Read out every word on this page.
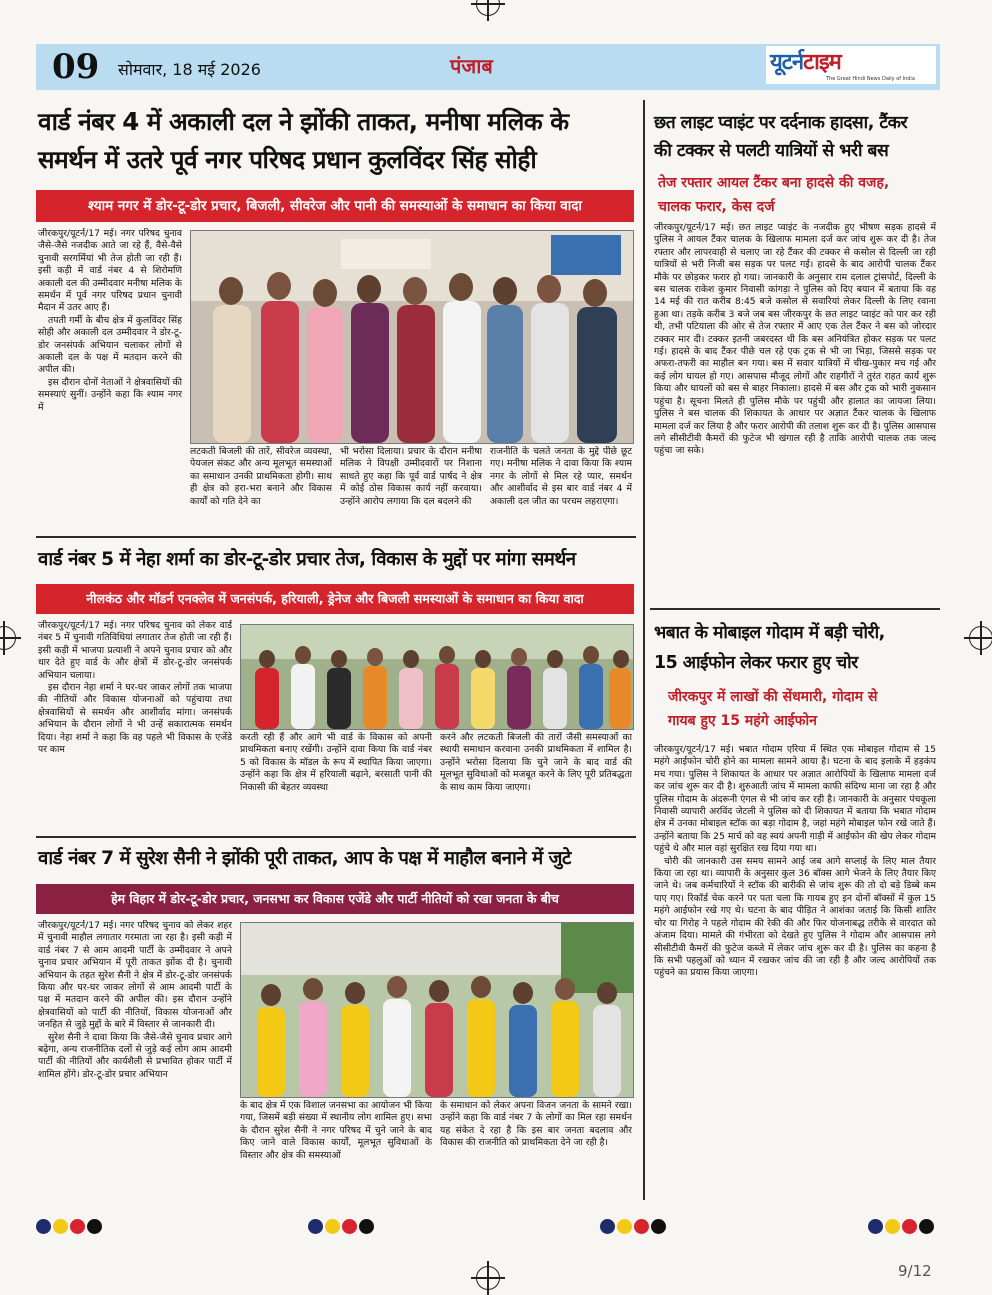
09 सोमवार, 18 मई 2026	पंजाब	यूटर्नटाइम
The Great Hindi News Daily of India
वार्ड नंबर 4 में अकाली दल ने झोंकी ताकत, मनीषा मलिक के
समर्थन में उतरे पूर्व नगर परिषद प्रधान कुलविंदर सिंह सोही
श्याम नगर में डोर-टू-डोर प्रचार, बिजली, सीवरेज और पानी की समस्याओं के समाधान का किया वादा

जीरकपुर/यूटर्न/17 मई। नगर परिषद चुनाव जैसे-जैसे नजदीक आते जा रहे हैं, वैसे-वैसे चुनावी सरगर्मियां भी तेज होती जा रही हैं। इसी कड़ी में वार्ड नंबर 4 से शिरोमणि अकाली दल की उम्मीदवार मनीषा मलिक के समर्थन में पूर्व नगर परिषद प्रधान चुनावी मैदान में उतर आए हैं।

तपती गर्मी के बीच क्षेत्र में कुलविंदर सिंह सोही और अकाली दल उम्मीदवार ने डोर-टू-डोर जनसंपर्क अभियान चलाकर लोगों से अकाली दल के पक्ष में मतदान करने की अपील की।

इस दौरान दोनों नेताओं ने क्षेत्रवासियों की समस्याएं सुनीं। उन्होंने कहा कि श्याम नगर में

लटकती बिजली की तारें, सीवरेज व्यवस्था, पेयजल संकट और अन्य मूलभूत समस्याओं का समाधान उनकी प्राथमिकता होगी। साथ ही क्षेत्र को हरा-भरा बनाने और विकास कार्यों को गति देने का
भी भरोसा दिलाया। प्रचार के दौरान मनीषा मलिक ने विपक्षी उम्मीदवारों पर निशाना साधते हुए कहा कि पूर्व वार्ड पार्षद ने क्षेत्र में कोई ठोस विकास कार्य नहीं करवाया। उन्होंने आरोप लगाया कि दल बदलने की
राजनीति के चलते जनता के मुद्दे पीछे छूट गए। मनीषा मलिक ने दावा किया कि श्याम नगर के लोगों से मिल रहे प्यार, समर्थन और आशीर्वाद से इस बार वार्ड नंबर 4 में अकाली दल जीत का परचम लहराएगा।
वार्ड नंबर 5 में नेहा शर्मा का डोर-टू-डोर प्रचार तेज, विकास के मुद्दों पर मांगा समर्थन
नीलकंठ और मॉडर्न एनक्लेव में जनसंपर्क, हरियाली, ड्रेनेज और बिजली समस्याओं के समाधान का किया वादा

जीरकपुर/यूटर्न/17 मई। नगर परिषद चुनाव को लेकर वार्ड नंबर 5 में चुनावी गतिविधियां लगातार तेज होती जा रही हैं। इसी कड़ी में भाजपा प्रत्याशी ने अपने चुनाव प्रचार को और धार देते हुए वार्ड के और क्षेत्रों में डोर-टू-डोर जनसंपर्क अभियान चलाया।

इस दौरान नेहा शर्मा ने घर-घर जाकर लोगों तक भाजपा की नीतियों और विकास योजनाओं को पहुंचाया तथा क्षेत्रवासियों से समर्थन और आशीर्वाद मांगा। जनसंपर्क अभियान के दौरान लोगों ने भी उन्हें सकारात्मक समर्थन दिया। नेहा शर्मा ने कहा कि वह पहले भी विकास के एजेंडे पर काम

करती रही हैं और आगे भी वार्ड के विकास को अपनी प्राथमिकता बनाए रखेंगी। उन्होंने दावा किया कि वार्ड नंबर 5 को विकास के मॉडल के रूप में स्थापित किया जाएगा। उन्होंने कहा कि क्षेत्र में हरियाली बढ़ाने, बरसाती पानी की निकासी की बेहतर व्यवस्था
करने और लटकती बिजली की तारों जैसी समस्याओं का स्थायी समाधान करवाना उनकी प्राथमिकता में शामिल है। उन्होंने भरोसा दिलाया कि चुने जाने के बाद वार्ड की मूलभूत सुविधाओं को मजबूत करने के लिए पूरी प्रतिबद्धता के साथ काम किया जाएगा।
वार्ड नंबर 7 में सुरेश सैनी ने झोंकी पूरी ताकत, आप के पक्ष में माहौल बनाने में जुटे
हेम विहार में डोर-टू-डोर प्रचार, जनसभा कर विकास एजेंडे और पार्टी नीतियों को रखा जनता के बीच

जीरकपुर/यूटर्न/17 मई। नगर परिषद चुनाव को लेकर शहर में चुनावी माहौल लगातार गरमाता जा रहा है। इसी कड़ी में वार्ड नंबर 7 से आम आदमी पार्टी के उम्मीदवार ने अपने चुनाव प्रचार अभियान में पूरी ताकत झोंक दी है। चुनावी अभियान के तहत सुरेश सैनी ने क्षेत्र में डोर-टू-डोर जनसंपर्क किया और घर-घर जाकर लोगों से आम आदमी पार्टी के पक्ष में मतदान करने की अपील की। इस दौरान उन्होंने क्षेत्रवासियों को पार्टी की नीतियों, विकास योजनाओं और जनहित से जुड़े मुद्दों के बारे में विस्तार से जानकारी दी।

सुरेश सैनी ने दावा किया कि जैसे-जैसे चुनाव प्रचार आगे बढ़ेगा, अन्य राजनीतिक दलों से जुड़े कई लोग आम आदमी पार्टी की नीतियों और कार्यशैली से प्रभावित होकर पार्टी में शामिल होंगे। डोर-टू-डोर प्रचार अभियान

के बाद क्षेत्र में एक विशाल जनसभा का आयोजन भी किया गया, जिसमें बड़ी संख्या में स्थानीय लोग शामिल हुए। सभा के दौरान सुरेश सैनी ने नगर परिषद में चुने जाने के बाद किए जाने वाले विकास कार्यों, मूलभूत सुविधाओं के विस्तार और क्षेत्र की समस्याओं
के समाधान को लेकर अपना विजन जनता के सामने रखा। उन्होंने कहा कि वार्ड नंबर 7 के लोगों का मिल रहा समर्थन यह संकेत दे रहा है कि इस बार जनता बदलाव और विकास की राजनीति को प्राथमिकता देने जा रही है।
छत लाइट प्वाइंट पर दर्दनाक हादसा, टैंकर
की टक्कर से पलटी यात्रियों से भरी बस
तेज रफ्तार आयल टैंकर बना हादसे की वजह,
चालक फरार, केस दर्ज
जीरकपुर/यूटर्न/17 मई। छत लाइट प्वाइंट के नजदीक हुए भीषण सड़क हादसे में पुलिस ने आयल टैंकर चालक के खिलाफ मामला दर्ज कर जांच शुरू कर दी है। तेज रफ्तार और लापरवाही से चलाए जा रहे टैंकर की टक्कर से कसोल से दिल्ली जा रही यात्रियों से भरी निजी बस सड़क पर पलट गई। हादसे के बाद आरोपी चालक टैंकर मौके पर छोड़कर फरार हो गया। जानकारी के अनुसार राम दलाल ट्रांसपोर्ट, दिल्ली के बस चालक राकेश कुमार निवासी कांगड़ा ने पुलिस को दिए बयान में बताया कि वह 14 मई की रात करीब 8:45 बजे कसोल से सवारियां लेकर दिल्ली के लिए रवाना हुआ था। तड़के करीब 3 बजे जब बस जीरकपुर के छत लाइट प्वाइंट को पार कर रही थी, तभी पटियाला की ओर से तेज रफ्तार में आए एक तेल टैंकर ने बस को जोरदार टक्कर मार दी। टक्कर इतनी जबरदस्त थी कि बस अनियंत्रित होकर सड़क पर पलट गई। हादसे के बाद टैंकर पीछे चल रहे एक ट्रक से भी जा भिड़ा, जिससे सड़क पर अफरा-तफरी का माहौल बन गया। बस में सवार यात्रियों में चीख-पुकार मच गई और कई लोग घायल हो गए। आसपास मौजूद लोगों और राहगीरों ने तुरंत राहत कार्य शुरू किया और घायलों को बस से बाहर निकाला। हादसे में बस और ट्रक को भारी नुकसान पहुंचा है। सूचना मिलते ही पुलिस मौके पर पहुंची और हालात का जायजा लिया। पुलिस ने बस चालक की शिकायत के आधार पर अज्ञात टैंकर चालक के खिलाफ मामला दर्ज कर लिया है और फरार आरोपी की तलाश शुरू कर दी है। पुलिस आसपास लगे सीसीटीवी कैमरों की फुटेज भी खंगाल रही है ताकि आरोपी चालक तक जल्द पहुंचा जा सके।
भबात के मोबाइल गोदाम में बड़ी चोरी,
15 आईफोन लेकर फरार हुए चोर
जीरकपुर में लाखों की सेंधमारी, गोदाम से
गायब हुए 15 महंगे आईफोन

जीरकपुर/यूटर्न/17 मई। भबात गोदाम एरिया में स्थित एक मोबाइल गोदाम से 15 महंगे आईफोन चोरी होने का मामला सामने आया है। घटना के बाद इलाके में हड़कंप मच गया। पुलिस ने शिकायत के आधार पर अज्ञात आरोपियों के खिलाफ मामला दर्ज कर जांच शुरू कर दी है। शुरुआती जांच में मामला काफी संदिग्ध माना जा रहा है और पुलिस गोदाम के अंदरूनी एंगल से भी जांच कर रही है। जानकारी के अनुसार पंचकूला निवासी व्यापारी अरविंद जेटली ने पुलिस को दी शिकायत में बताया कि भबात गोदाम क्षेत्र में उनका मोबाइल स्टॉक का बड़ा गोदाम है, जहां महंगे मोबाइल फोन रखे जाते हैं। उन्होंने बताया कि 25 मार्च को वह स्वयं अपनी गाड़ी में आईफोन की खेप लेकर गोदाम पहुंचे थे और माल वहां सुरक्षित रख दिया गया था।

चोरी की जानकारी उस समय सामने आई जब आगे सप्लाई के लिए माल तैयार किया जा रहा था। व्यापारी के अनुसार कुल 36 बॉक्स आगे भेजने के लिए तैयार किए जाने थे। जब कर्मचारियों ने स्टॉक की बारीकी से जांच शुरू की तो दो बड़े डिब्बे कम पाए गए। रिकॉर्ड चेक करने पर पता चला कि गायब हुए इन दोनों बॉक्सों में कुल 15 महंगे आईफोन रखे गए थे। घटना के बाद पीड़ित ने आशंका जताई कि किसी शातिर चोर या गिरोह ने पहले गोदाम की रेकी की और फिर योजनाबद्ध तरीके से वारदात को अंजाम दिया। मामले की गंभीरता को देखते हुए पुलिस ने गोदाम और आसपास लगे सीसीटीवी कैमरों की फुटेज कब्जे में लेकर जांच शुरू कर दी है। पुलिस का कहना है कि सभी पहलुओं को ध्यान में रखकर जांच की जा रही है और जल्द आरोपियों तक पहुंचने का प्रयास किया जाएगा।

9/12
